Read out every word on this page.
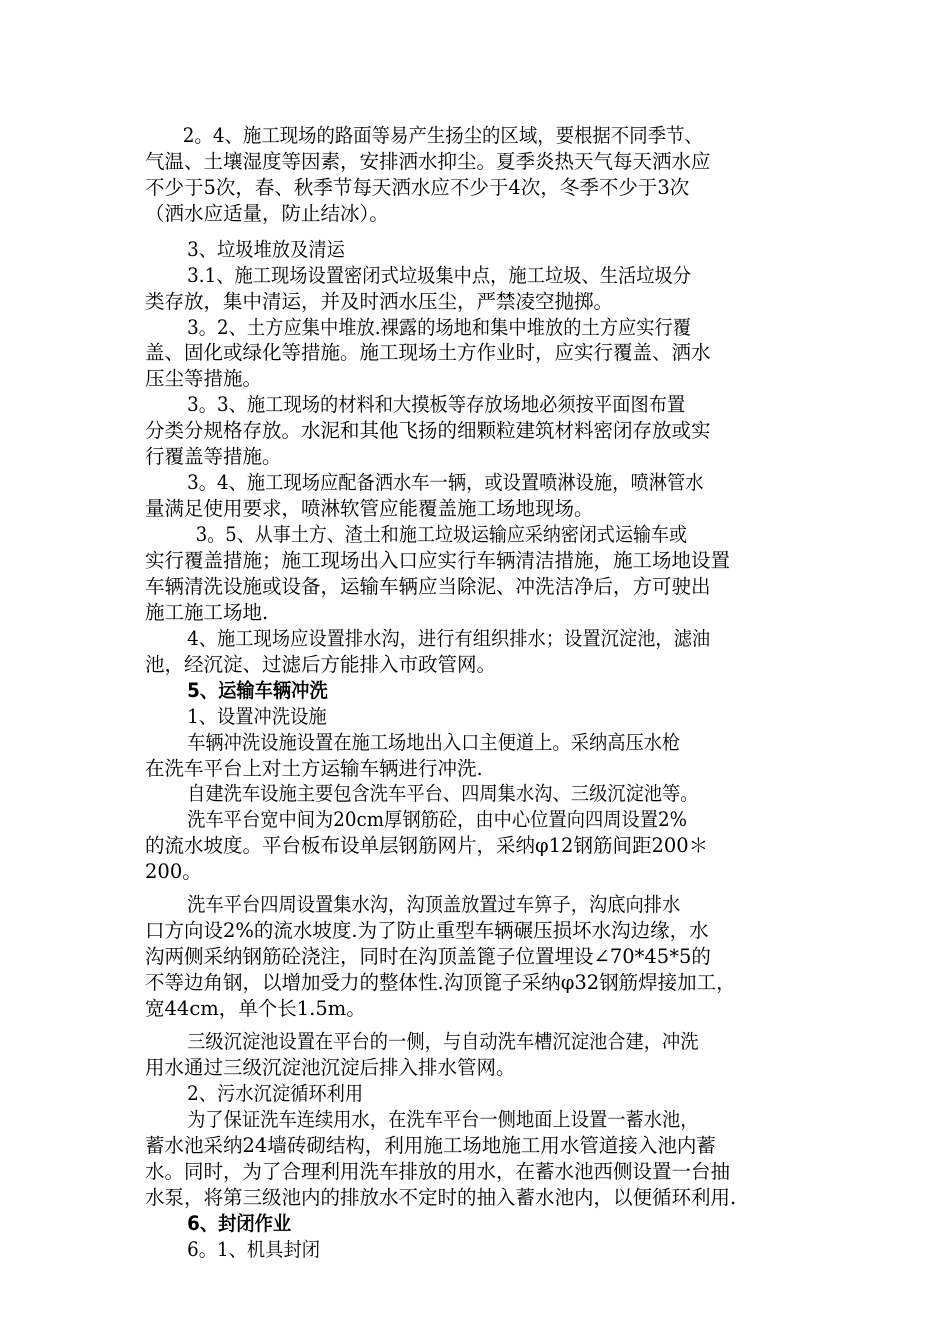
2。4、施工现场的路面等易产生扬尘的区域，要根据不同季节、
气温、土壤湿度等因素，安排洒水抑尘。夏季炎热天气每天洒水应
不少于5次，春、秋季节每天洒水应不少于4次，冬季不少于3次
（洒水应适量，防止结冰）。
3、垃圾堆放及清运
3.1、施工现场设置密闭式垃圾集中点，施工垃圾、生活垃圾分
类存放，集中清运，并及时洒水压尘，严禁凌空抛掷。
3。2、土方应集中堆放.裸露的场地和集中堆放的土方应实行覆
盖、固化或绿化等措施。施工现场土方作业时，应实行覆盖、洒水
压尘等措施。
3。3、施工现场的材料和大摸板等存放场地必须按平面图布置
分类分规格存放。水泥和其他飞扬的细颗粒建筑材料密闭存放或实
行覆盖等措施。
3。4、施工现场应配备洒水车一辆，或设置喷淋设施，喷淋管水
量满足使用要求，喷淋软管应能覆盖施工场地现场。
3。5、从事土方、渣土和施工垃圾运输应采纳密闭式运输车或
实行覆盖措施；施工现场出入口应实行车辆清洁措施，施工场地设置
车辆清洗设施或设备，运输车辆应当除泥、冲洗洁净后，方可驶出
施工施工场地.
4、施工现场应设置排水沟，进行有组织排水；设置沉淀池，滤油
池，经沉淀、过滤后方能排入市政管网。
5、运输车辆冲洗
1、设置冲洗设施
车辆冲洗设施设置在施工场地出入口主便道上。采纳高压水枪
在洗车平台上对土方运输车辆进行冲洗.
自建洗车设施主要包含洗车平台、四周集水沟、三级沉淀池等。
洗车平台宽中间为20cm厚钢筋砼，由中心位置向四周设置2%
的流水坡度。平台板布设单层钢筋网片，采纳φ12钢筋间距200＊
200。
洗车平台四周设置集水沟，沟顶盖放置过车箅子，沟底向排水
口方向设2%的流水坡度.为了防止重型车辆碾压损坏水沟边缘，水
沟两侧采纳钢筋砼浇注，同时在沟顶盖篦子位置埋设∠70*45*5的
不等边角钢，以增加受力的整体性.沟顶篦子采纳φ32钢筋焊接加工，
宽44cm，单个长1.5m。
三级沉淀池设置在平台的一侧，与自动洗车槽沉淀池合建，冲洗
用水通过三级沉淀池沉淀后排入排水管网。
2、污水沉淀循环利用
为了保证洗车连续用水，在洗车平台一侧地面上设置一蓄水池，
蓄水池采纳24墙砖砌结构，利用施工场地施工用水管道接入池内蓄
水。同时，为了合理利用洗车排放的用水，在蓄水池西侧设置一台抽
水泵，将第三级池内的排放水不定时的抽入蓄水池内，以便循环利用.
6、封闭作业
6。1、机具封闭
